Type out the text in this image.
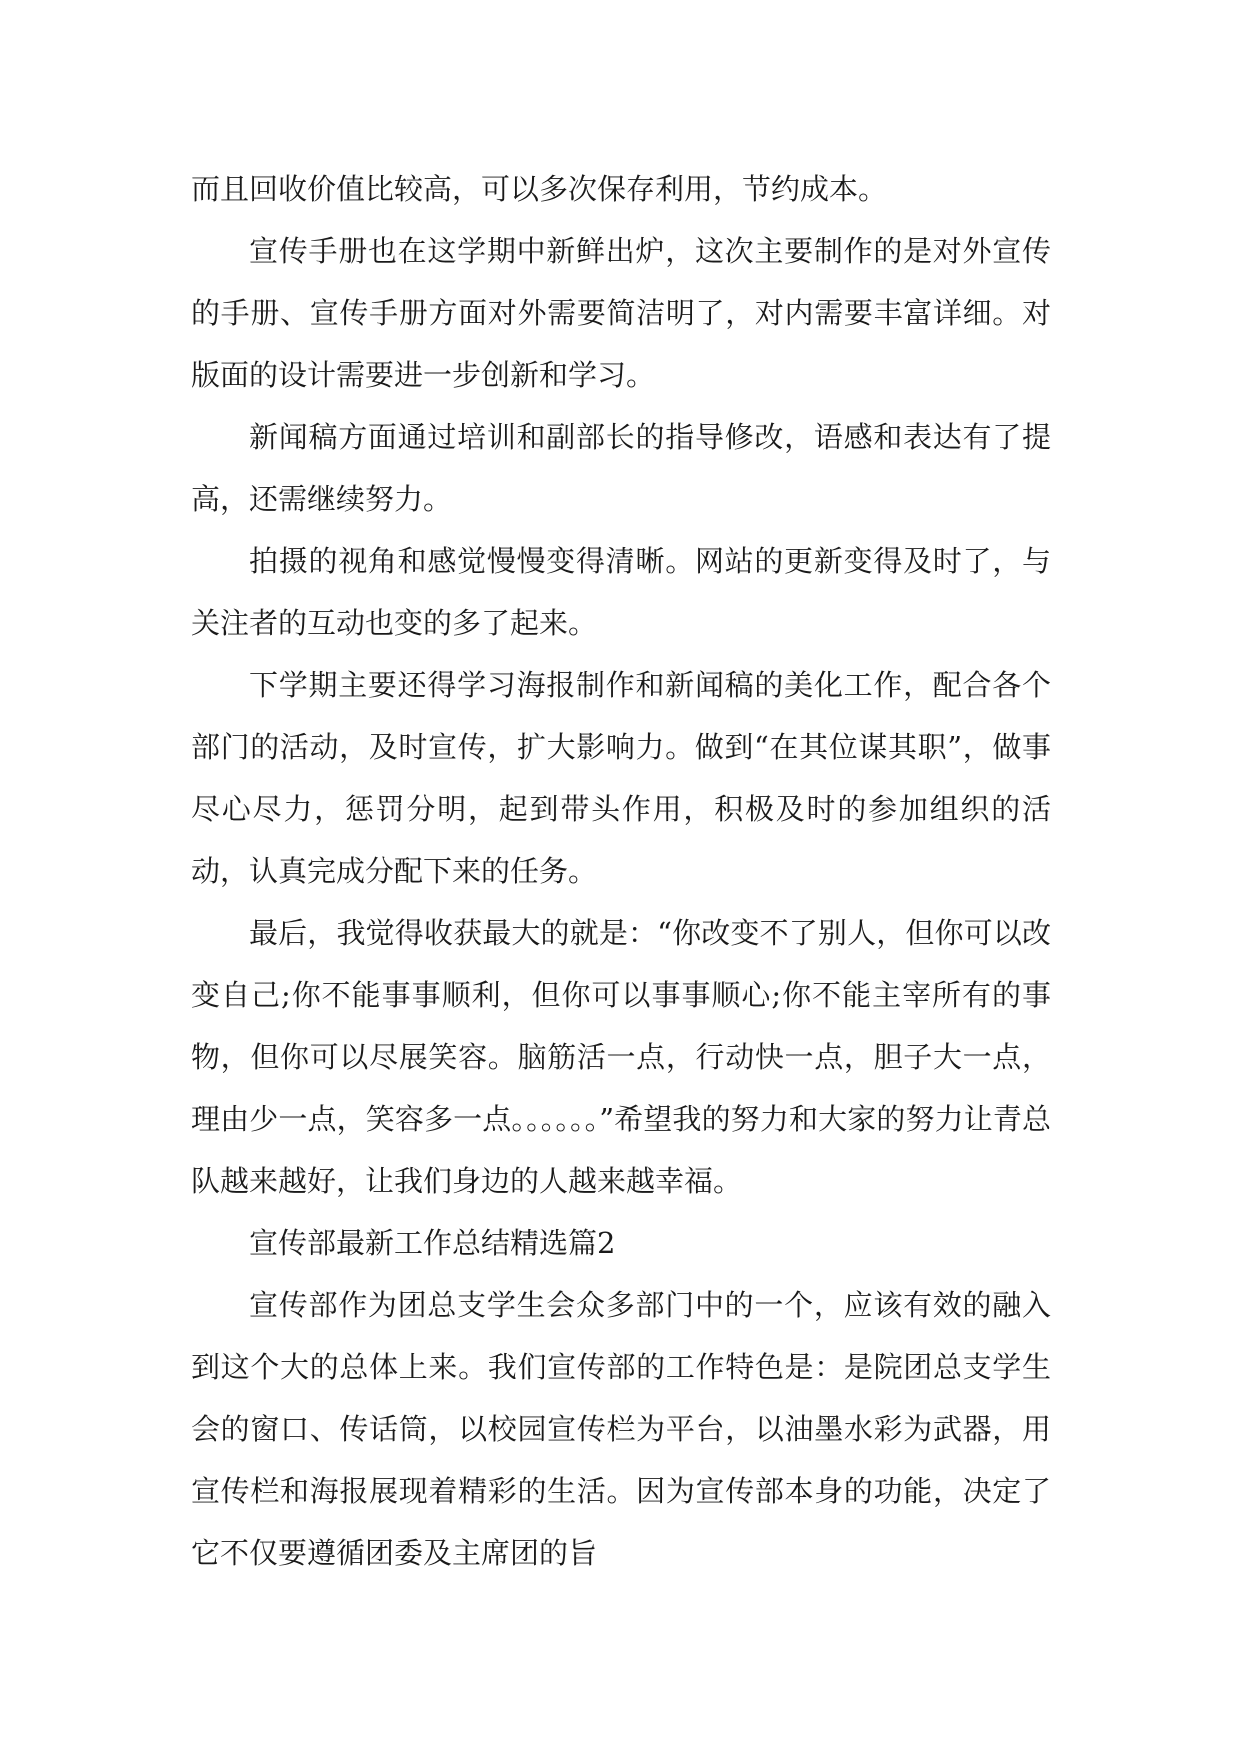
而且回收价值比较高，可以多次保存利用，节约成本。

宣传手册也在这学期中新鲜出炉，这次主要制作的是对外宣传的手册、宣传手册方面对外需要简洁明了，对内需要丰富详细。对版面的设计需要进一步创新和学习。

新闻稿方面通过培训和副部长的指导修改，语感和表达有了提高，还需继续努力。

拍摄的视角和感觉慢慢变得清晰。网站的更新变得及时了，与关注者的互动也变的多了起来。

下学期主要还得学习海报制作和新闻稿的美化工作，配合各个部门的活动，及时宣传，扩大影响力。做到“在其位谋其职”，做事尽心尽力，惩罚分明，起到带头作用，积极及时的参加组织的活动，认真完成分配下来的任务。

最后，我觉得收获最大的就是：“你改变不了别人，但你可以改变自己;你不能事事顺利，但你可以事事顺心;你不能主宰所有的事物，但你可以尽展笑容。脑筋活一点，行动快一点，胆子大一点，理由少一点，笑容多一点。。。。。。”希望我的努力和大家的努力让青总队越来越好，让我们身边的人越来越幸福。

宣传部最新工作总结精选篇2

宣传部作为团总支学生会众多部门中的一个，应该有效的融入到这个大的总体上来。我们宣传部的工作特色是：是院团总支学生会的窗口、传话筒，以校园宣传栏为平台，以油墨水彩为武器，用宣传栏和海报展现着精彩的生活。因为宣传部本身的功能，决定了它不仅要遵循团委及主席团的旨
